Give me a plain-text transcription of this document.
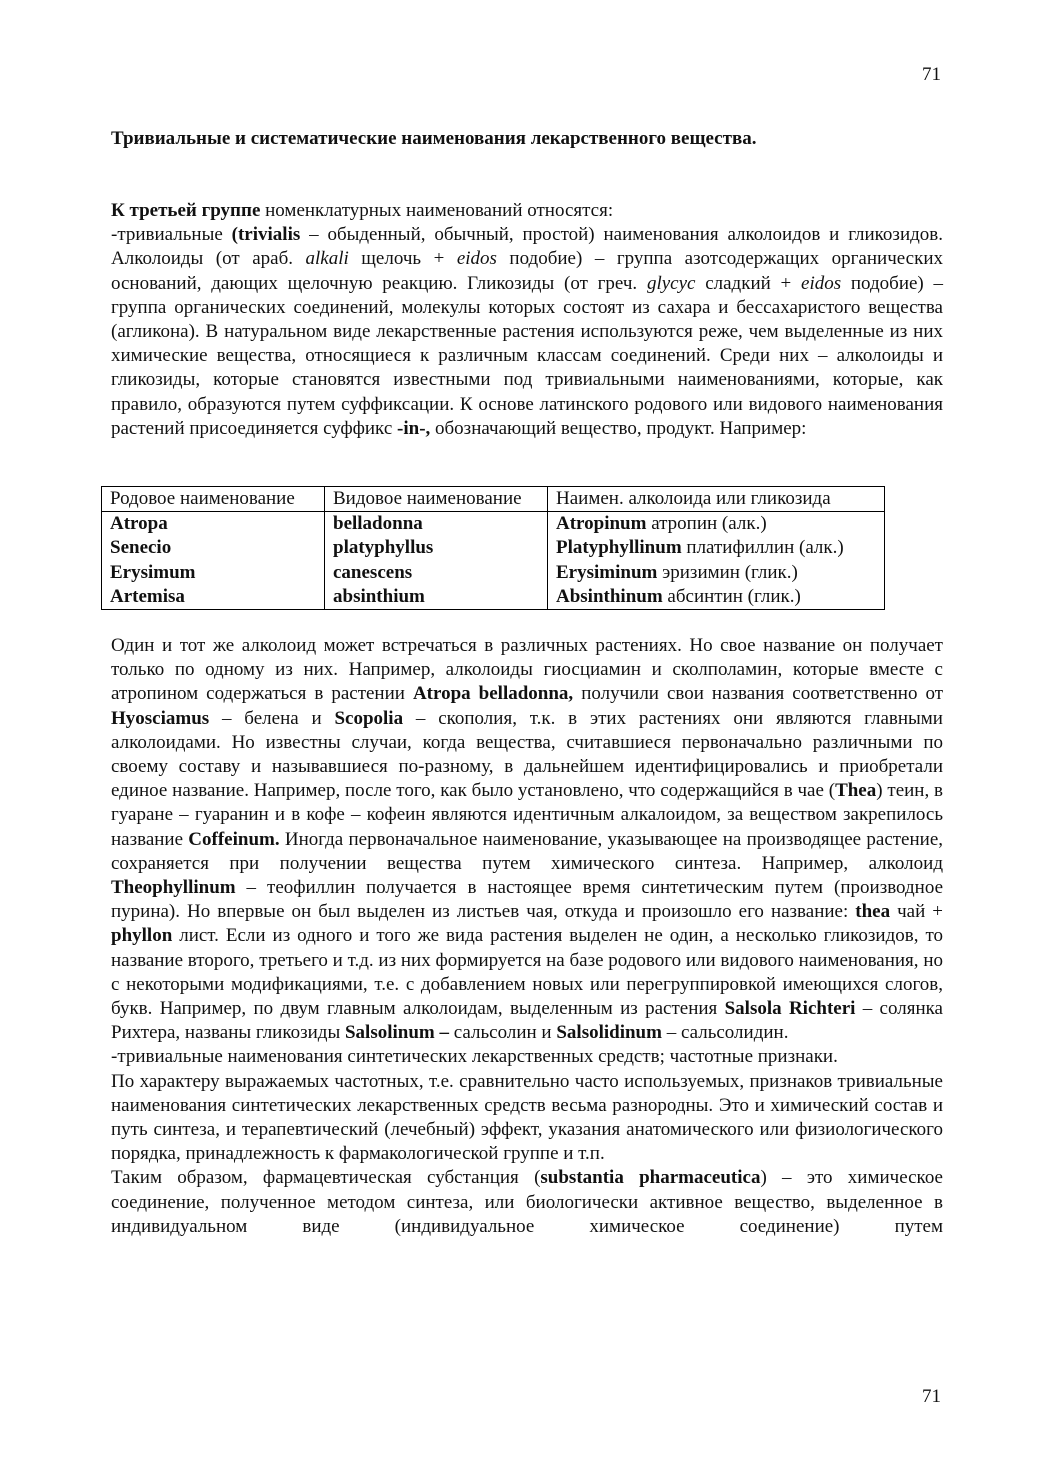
71
Тривиальные и систематические наименования лекарственного вещества.
К третьей группе номенклатурных наименований относятся:
-тривиальные (trivialis – обыденный, обычный, простой) наименования алколоидов и гликозидов. Алколоиды (от араб. alkali щелочь + eidos подобие) – группа азотсодержащих органических оснований, дающих щелочную реакцию. Гликозиды (от греч. glycyc сладкий + eidos подобие) – группа органических соединений, молекулы которых состоят из сахара и бессахаристого вещества (агликона). В натуральном виде лекарственные растения используются реже, чем выделенные из них химические вещества, относящиеся к различным классам соединений. Среди них – алколоиды и гликозиды, которые становятся известными под тривиальными наименованиями, которые, как правило, образуются путем суффиксации. К основе латинского родового или видового наименования растений присоединяется суффикс -in-, обозначающий вещество, продукт. Например:
Родовое наименование	Видовое наименование	Наимен. алколоида или гликозида
Atropa	belladonna	Atropinum атропин (алк.)
Senecio	platyphyllus	Platyphyllinum платифиллин (алк.)
Erysimum	canescens	Erysiminum эризимин (глик.)
Artemisa	absinthium	Absinthinum абсинтин (глик.)
Один и тот же алколоид может встречаться в различных растениях. Но свое название он получает только по одному из них. Например, алколоиды гиосциамин и сколполамин, которые вместе с атропином содержаться в растении Atropa belladonna, получили свои названия соответственно от Hyosciamus – белена и Scopolia – скополия, т.к. в этих растениях они являются главными алколоидами. Но известны случаи, когда вещества, считавшиеся первоначально различными по своему составу и называвшиеся по-разному, в дальнейшем идентифицировались и приобретали единое название. Например, после того, как было установлено, что содержащийся в чае (Thea) теин, в гуаране – гуаранин и в кофе – кофеин являются идентичным алкалоидом, за веществом закрепилось название Coffeinum. Иногда первоначальное наименование, указывающее на производящее растение, сохраняется при получении вещества путем химического синтеза. Например, алколоид Theophyllinum – теофиллин получается в настоящее время синтетическим путем (производное пурина). Но впервые он был выделен из листьев чая, откуда и произошло его название: thea чай + phyllon лист. Если из одного и того же вида растения выделен не один, а несколько гликозидов, то название второго, третьего и т.д. из них формируется на базе родового или видового наименования, но с некоторыми модификациями, т.е. с добавлением новых или перегруппировкой имеющихся слогов, букв. Например, по двум главным алколоидам, выделенным из растения Salsola Richteri – солянка Рихтера, названы гликозиды Salsolinum – сальсолин и Salsolidinum – сальсолидин.
-тривиальные наименования синтетических лекарственных средств; частотные признаки.
По характеру выражаемых частотных, т.е. сравнительно часто используемых, признаков тривиальные наименования синтетических лекарственных средств весьма разнородны. Это и химический состав и путь синтеза, и терапевтический (лечебный) эффект, указания анатомического или физиологического порядка, принадлежность к фармакологической группе и т.п.
Таким образом, фармацевтическая субстанция (substantia pharmaceutica) – это химическое соединение, полученное методом синтеза, или биологически активное вещество, выделенное в индивидуальном виде (индивидуальное химическое соединение) путем
71
